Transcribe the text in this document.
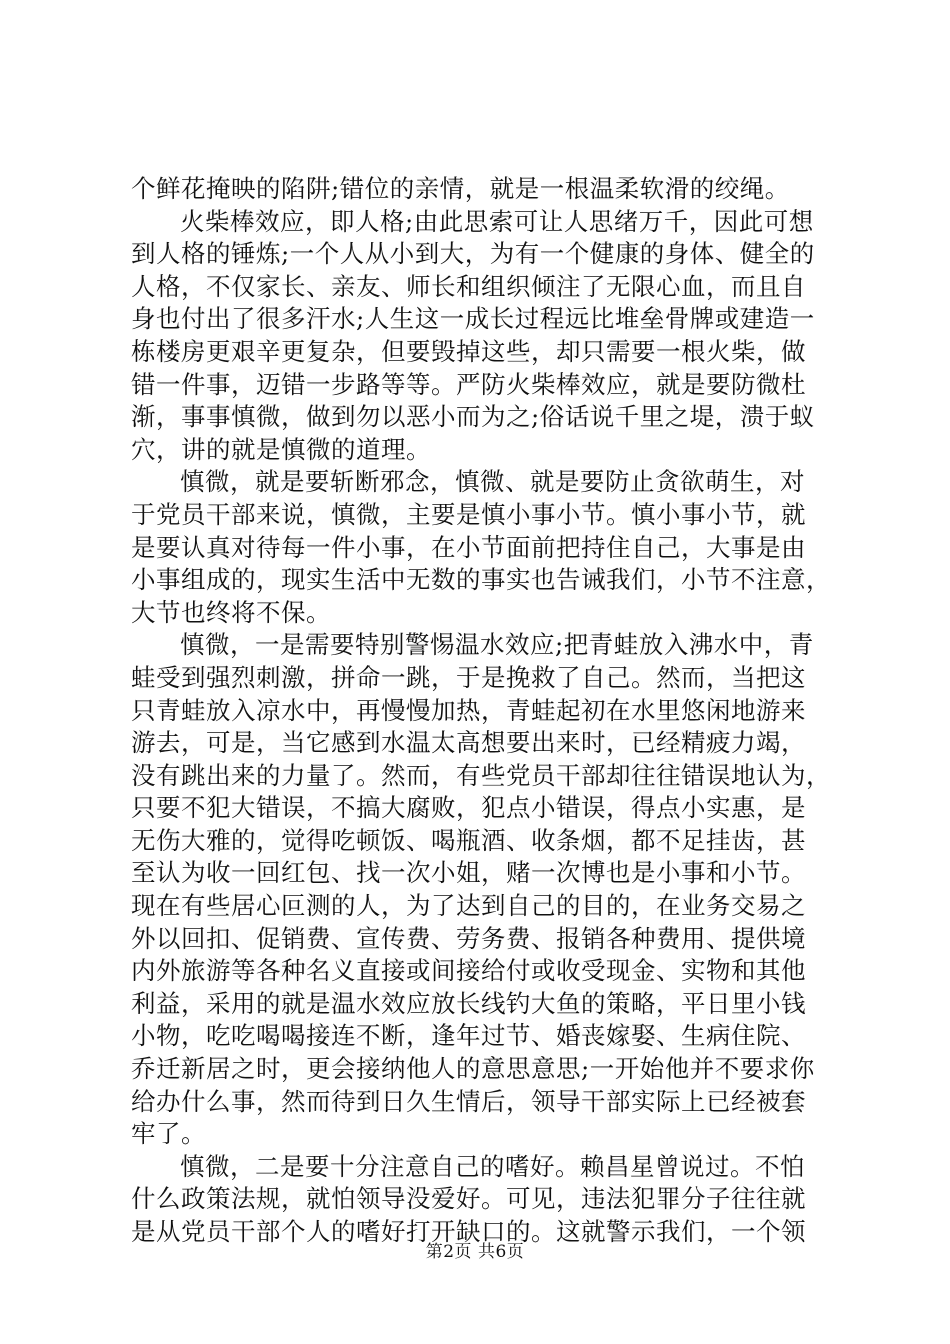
个鲜花掩映的陷阱;错位的亲情，就是一根温柔软滑的绞绳。
火柴棒效应，即人格;由此思索可让人思绪万千，因此可想
到人格的锤炼;一个人从小到大，为有一个健康的身体、健全的
人格，不仅家长、亲友、师长和组织倾注了无限心血，而且自
身也付出了很多汗水;人生这一成长过程远比堆垒骨牌或建造一
栋楼房更艰辛更复杂，但要毁掉这些，却只需要一根火柴，做
错一件事，迈错一步路等等。严防火柴棒效应，就是要防微杜
渐，事事慎微，做到勿以恶小而为之;俗话说千里之堤，溃于蚁
穴，讲的就是慎微的道理。
慎微，就是要斩断邪念，慎微、就是要防止贪欲萌生，对
于党员干部来说，慎微，主要是慎小事小节。慎小事小节，就
是要认真对待每一件小事，在小节面前把持住自己，大事是由
小事组成的，现实生活中无数的事实也告诫我们，小节不注意，
大节也终将不保。
慎微，一是需要特别警惕温水效应;把青蛙放入沸水中，青
蛙受到强烈刺激，拼命一跳，于是挽救了自己。然而，当把这
只青蛙放入凉水中，再慢慢加热，青蛙起初在水里悠闲地游来
游去，可是，当它感到水温太高想要出来时，已经精疲力竭，
没有跳出来的力量了。然而，有些党员干部却往往错误地认为，
只要不犯大错误，不搞大腐败，犯点小错误，得点小实惠，是
无伤大雅的，觉得吃顿饭、喝瓶酒、收条烟，都不足挂齿，甚
至认为收一回红包、找一次小姐，赌一次博也是小事和小节。
现在有些居心叵测的人，为了达到自己的目的，在业务交易之
外以回扣、促销费、宣传费、劳务费、报销各种费用、提供境
内外旅游等各种名义直接或间接给付或收受现金、实物和其他
利益，采用的就是温水效应放长线钓大鱼的策略，平日里小钱
小物，吃吃喝喝接连不断，逢年过节、婚丧嫁娶、生病住院、
乔迁新居之时，更会接纳他人的意思意思;一开始他并不要求你
给办什么事，然而待到日久生情后，领导干部实际上已经被套
牢了。
慎微，二是要十分注意自己的嗜好。赖昌星曾说过。不怕
什么政策法规，就怕领导没爱好。可见，违法犯罪分子往往就
是从党员干部个人的嗜好打开缺口的。这就警示我们，一个领
第2页 共6页
